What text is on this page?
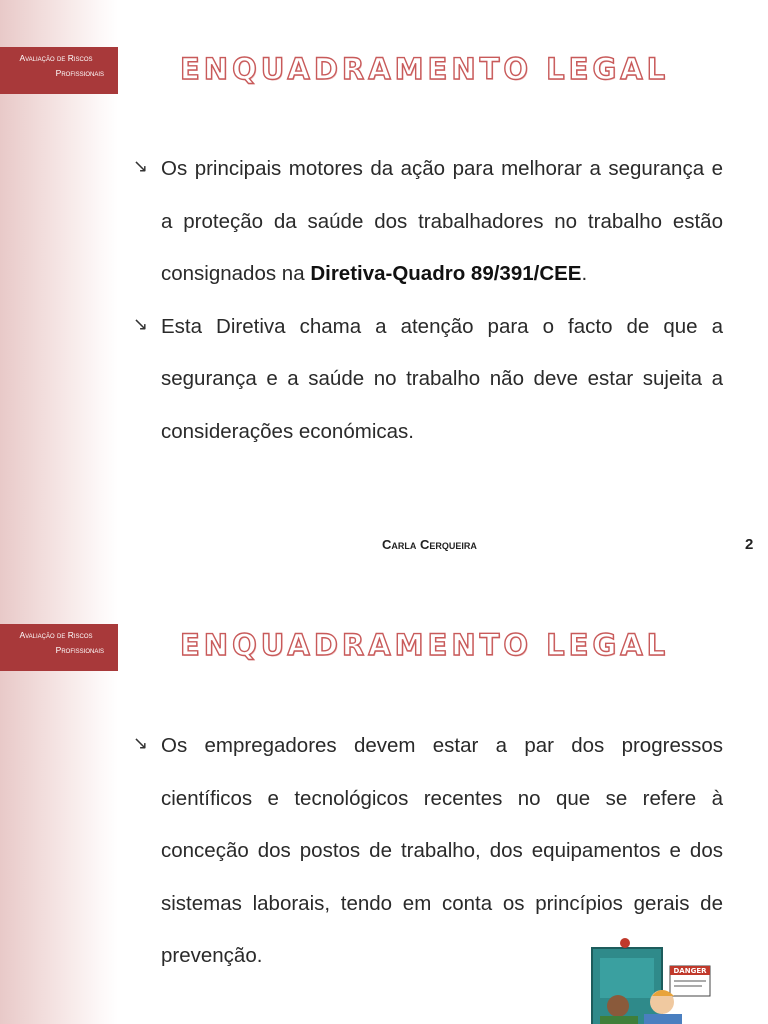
Avaliação de Riscos
Profissionais	ENQUADRAMENTO LEGAL
↘ Os principais motores da ação para melhorar a segurança e a proteção da saúde dos trabalhadores no trabalho estão consignados na Diretiva-Quadro 89/391/CEE.

↘ Esta Diretiva chama a atenção para o facto de que a segurança e a saúde no trabalho não deve estar sujeita a considerações económicas.

Carla Cerqueira	2
Avaliação de Riscos
Profissionais	ENQUADRAMENTO LEGAL
↘ Os empregadores devem estar a par dos progressos científicos e tecnológicos recentes no que se refere à conceção dos postos de trabalho, dos equipamentos e dos sistemas laborais, tendo em conta os princípios gerais de prevenção.

DANGER
